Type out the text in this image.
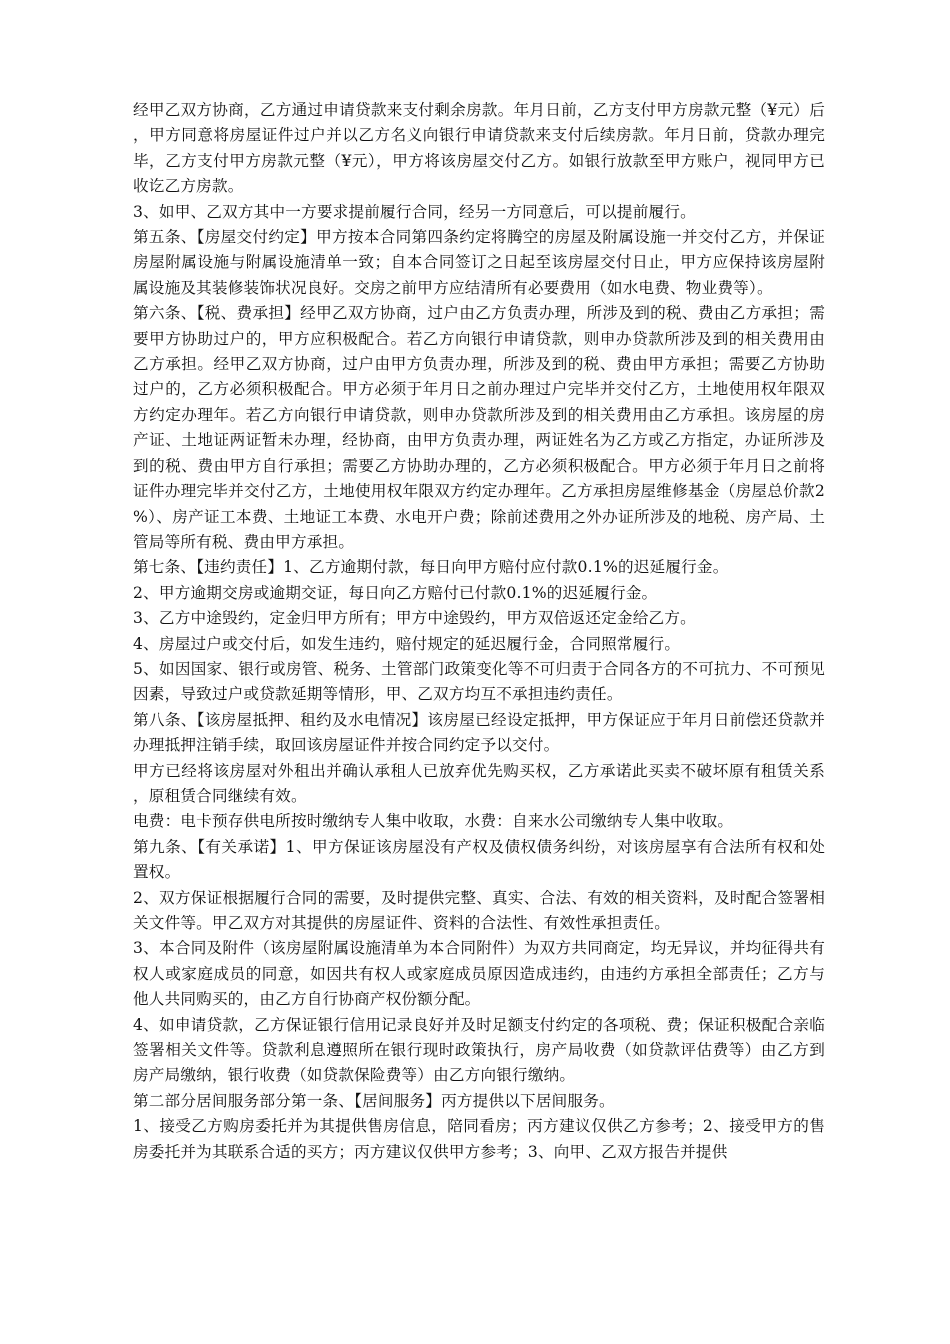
经甲乙双方协商，乙方通过申请贷款来支付剩余房款。年月日前，乙方支付甲方房款元整（¥元）后，甲方同意将房屋证件过户并以乙方名义向银行申请贷款来支付后续房款。年月日前，贷款办理完毕，乙方支付甲方房款元整（¥元），甲方将该房屋交付乙方。如银行放款至甲方账户，视同甲方已收讫乙方房款。

3、如甲、乙双方其中一方要求提前履行合同，经另一方同意后，可以提前履行。

第五条、【房屋交付约定】甲方按本合同第四条约定将腾空的房屋及附属设施一并交付乙方，并保证房屋附属设施与附属设施清单一致；自本合同签订之日起至该房屋交付日止，甲方应保持该房屋附属设施及其装修装饰状况良好。交房之前甲方应结清所有必要费用（如水电费、物业费等）。

第六条、【税、费承担】经甲乙双方协商，过户由乙方负责办理，所涉及到的税、费由乙方承担；需要甲方协助过户的，甲方应积极配合。若乙方向银行申请贷款，则申办贷款所涉及到的相关费用由乙方承担。经甲乙双方协商，过户由甲方负责办理，所涉及到的税、费由甲方承担；需要乙方协助过户的，乙方必须积极配合。甲方必须于年月日之前办理过户完毕并交付乙方，土地使用权年限双方约定办理年。若乙方向银行申请贷款，则申办贷款所涉及到的相关费用由乙方承担。该房屋的房产证、土地证两证暂未办理，经协商，由甲方负责办理，两证姓名为乙方或乙方指定，办证所涉及到的税、费由甲方自行承担；需要乙方协助办理的，乙方必须积极配合。甲方必须于年月日之前将证件办理完毕并交付乙方，土地使用权年限双方约定办理年。乙方承担房屋维修基金（房屋总价款2%）、房产证工本费、土地证工本费、水电开户费；除前述费用之外办证所涉及的地税、房产局、土管局等所有税、费由甲方承担。

第七条、【违约责任】1、乙方逾期付款，每日向甲方赔付应付款0.1%的迟延履行金。

2、甲方逾期交房或逾期交证，每日向乙方赔付已付款0.1%的迟延履行金。

3、乙方中途毁约，定金归甲方所有；甲方中途毁约，甲方双倍返还定金给乙方。

4、房屋过户或交付后，如发生违约，赔付规定的延迟履行金，合同照常履行。

5、如因国家、银行或房管、税务、土管部门政策变化等不可归责于合同各方的不可抗力、不可预见因素，导致过户或贷款延期等情形，甲、乙双方均互不承担违约责任。

第八条、【该房屋抵押、租约及水电情况】该房屋已经设定抵押，甲方保证应于年月日前偿还贷款并办理抵押注销手续，取回该房屋证件并按合同约定予以交付。

甲方已经将该房屋对外租出并确认承租人已放弃优先购买权，乙方承诺此买卖不破坏原有租赁关系，原租赁合同继续有效。

电费：电卡预存供电所按时缴纳专人集中收取，水费：自来水公司缴纳专人集中收取。

第九条、【有关承诺】1、甲方保证该房屋没有产权及债权债务纠纷，对该房屋享有合法所有权和处置权。

2、双方保证根据履行合同的需要，及时提供完整、真实、合法、有效的相关资料，及时配合签署相关文件等。甲乙双方对其提供的房屋证件、资料的合法性、有效性承担责任。

3、本合同及附件（该房屋附属设施清单为本合同附件）为双方共同商定，均无异议，并均征得共有权人或家庭成员的同意，如因共有权人或家庭成员原因造成违约，由违约方承担全部责任；乙方与他人共同购买的，由乙方自行协商产权份额分配。

4、如申请贷款，乙方保证银行信用记录良好并及时足额支付约定的各项税、费；保证积极配合亲临签署相关文件等。贷款利息遵照所在银行现时政策执行，房产局收费（如贷款评估费等）由乙方到房产局缴纳，银行收费（如贷款保险费等）由乙方向银行缴纳。

第二部分居间服务部分第一条、【居间服务】丙方提供以下居间服务。

1、接受乙方购房委托并为其提供售房信息，陪同看房；丙方建议仅供乙方参考；2、接受甲方的售房委托并为其联系合适的买方；丙方建议仅供甲方参考；3、向甲、乙双方报告并提供
